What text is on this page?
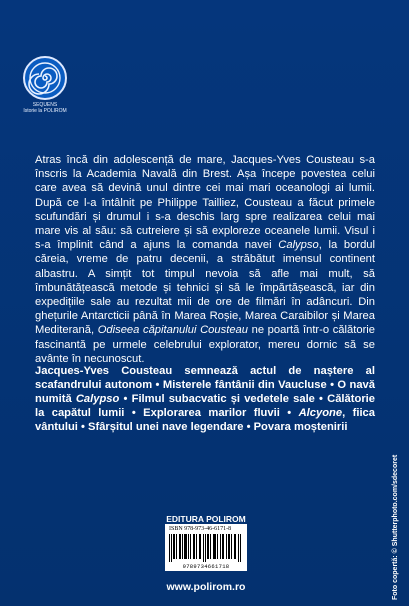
SEQUENS
Istorie la POLIROM

Atras încă din adolescență de mare, Jacques-Yves Cousteau s-a înscris la Academia Navală din Brest. Așa începe povestea celui care avea să devină unul dintre cei mai mari oceanologi ai lumii. După ce l-a întâlnit pe Philippe Tailliez, Cousteau a făcut primele scufundări și drumul i s-a deschis larg spre realizarea celui mai mare vis al său: să cutreiere și să exploreze oceanele lumii. Visul i s-a împlinit când a ajuns la comanda navei Calypso, la bordul căreia, vreme de patru decenii, a străbătut imensul continent albastru. A simțit tot timpul nevoia să afle mai mult, să îmbunătățească metode și tehnici și să le împărtășească, iar din expedițiile sale au rezultat mii de ore de filmări în adâncuri. Din ghețurile Antarcticii până în Marea Roșie, Marea Caraibilor și Marea Mediterană, Odiseea căpitanului Cousteau ne poartă într-o călătorie fascinantă pe urmele celebrului explorator, mereu dornic să se avânte în necunoscut.

Jacques-Yves Cousteau semnează actul de naștere al scafandrului autonom • Misterele fântânii din Vaucluse • O navă numită Calypso • Filmul subacvatic și vedetele sale • Călătorie la capătul lumii • Explorarea marilor fluvii • Alcyone, fiica vântului • Sfârșitul unei nave legendare • Povara moștenirii

EDITURA POLIROM
ISBN 978-973-46-6171-8
9789734661718
www.polirom.ro	Foto copertă: © Shutterphoto.com/sdecoret
